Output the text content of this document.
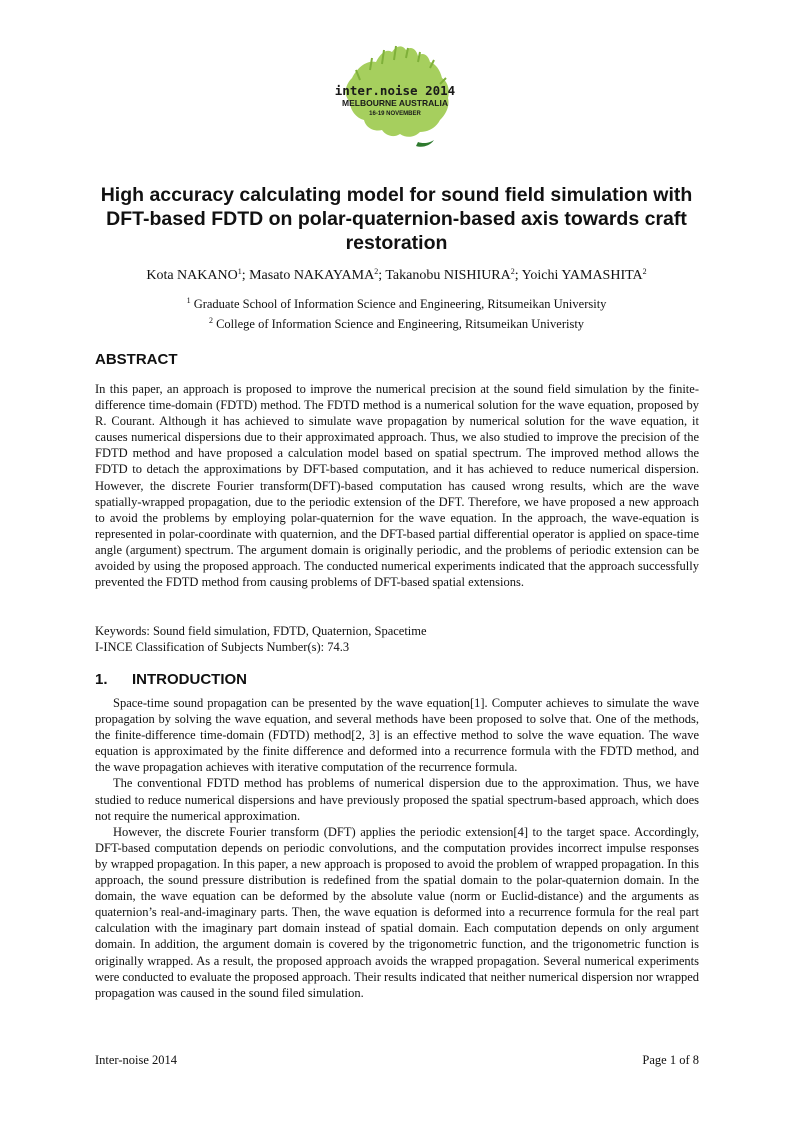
inter.noise 2014
MELBOURNE AUSTRALIA
16-19 NOVEMBER
High accuracy calculating model for sound field simulation with DFT-based FDTD on polar-quaternion-based axis towards craft restoration
Kota NAKANO$^1$; Masato NAKAYAMA$^2$; Takanobu NISHIURA$^2$; Yoichi YAMASHITA$^2$
$^1$ Graduate School of Information Science and Engineering, Ritsumeikan University
$^2$ College of Information Science and Engineering, Ritsumeikan Univeristy
ABSTRACT

In this paper, an approach is proposed to improve the numerical precision at the sound field simulation by the finite-difference time-domain (FDTD) method. The FDTD method is a numerical solution for the wave equation, proposed by R. Courant. Although it has achieved to simulate wave propagation by numerical solution for the wave equation, it causes numerical dispersions due to their approximated approach. Thus, we also studied to improve the precision of the FDTD method and have proposed a calculation model based on spatial spectrum. The improved method allows the FDTD to detach the approximations by DFT-based computation, and it has achieved to reduce numerical dispersion. However, the discrete Fourier transform(DFT)-based computation has caused wrong results, which are the wave spatially-wrapped propagation, due to the periodic extension of the DFT. Therefore, we have proposed a new approach to avoid the problems by employing polar-quaternion for the wave equation. In the approach, the wave-equation is represented in polar-coordinate with quaternion, and the DFT-based partial differential operator is applied on space-time angle (argument) spectrum. The argument domain is originally periodic, and the problems of periodic extension can be avoided by using the proposed approach. The conducted numerical experiments indicated that the approach successfully prevented the FDTD method from causing problems of DFT-based spatial extensions.

Keywords: Sound field simulation, FDTD, Quaternion, Spacetime
I-INCE Classification of Subjects Number(s): 74.3
1. INTRODUCTION

Space-time sound propagation can be presented by the wave equation[1]. Computer achieves to simulate the wave propagation by solving the wave equation, and several methods have been proposed to solve that. One of the methods, the finite-difference time-domain (FDTD) method[2, 3] is an effective method to solve the wave equation. The wave equation is approximated by the finite difference and deformed into a recurrence formula with the FDTD method, and the wave propagation achieves with iterative computation of the recurrence formula.

The conventional FDTD method has problems of numerical dispersion due to the approximation. Thus, we have studied to reduce numerical dispersions and have previously proposed the spatial spectrum-based approach, which does not require the numerical approximation.

However, the discrete Fourier transform (DFT) applies the periodic extension[4] to the target space. Accordingly, DFT-based computation depends on periodic convolutions, and the computation provides incorrect impulse responses by wrapped propagation. In this paper, a new approach is proposed to avoid the problem of wrapped propagation. In this approach, the sound pressure distribution is redefined from the spatial domain to the polar-quaternion domain. In the domain, the wave equation can be deformed by the absolute value (norm or Euclid-distance) and the arguments as quaternion’s real-and-imaginary parts. Then, the wave equation is deformed into a recurrence formula for the real part calculation with the imaginary part domain instead of spatial domain. Each computation depends on only argument domain. In addition, the argument domain is covered by the trigonometric function, and the trigonometric function is originally wrapped. As a result, the proposed approach avoids the wrapped propagation. Several numerical experiments were conducted to evaluate the proposed approach. Their results indicated that neither numerical dispersion nor wrapped propagation was caused in the sound filed simulation.

Inter-noise 2014	Page 1 of 8
